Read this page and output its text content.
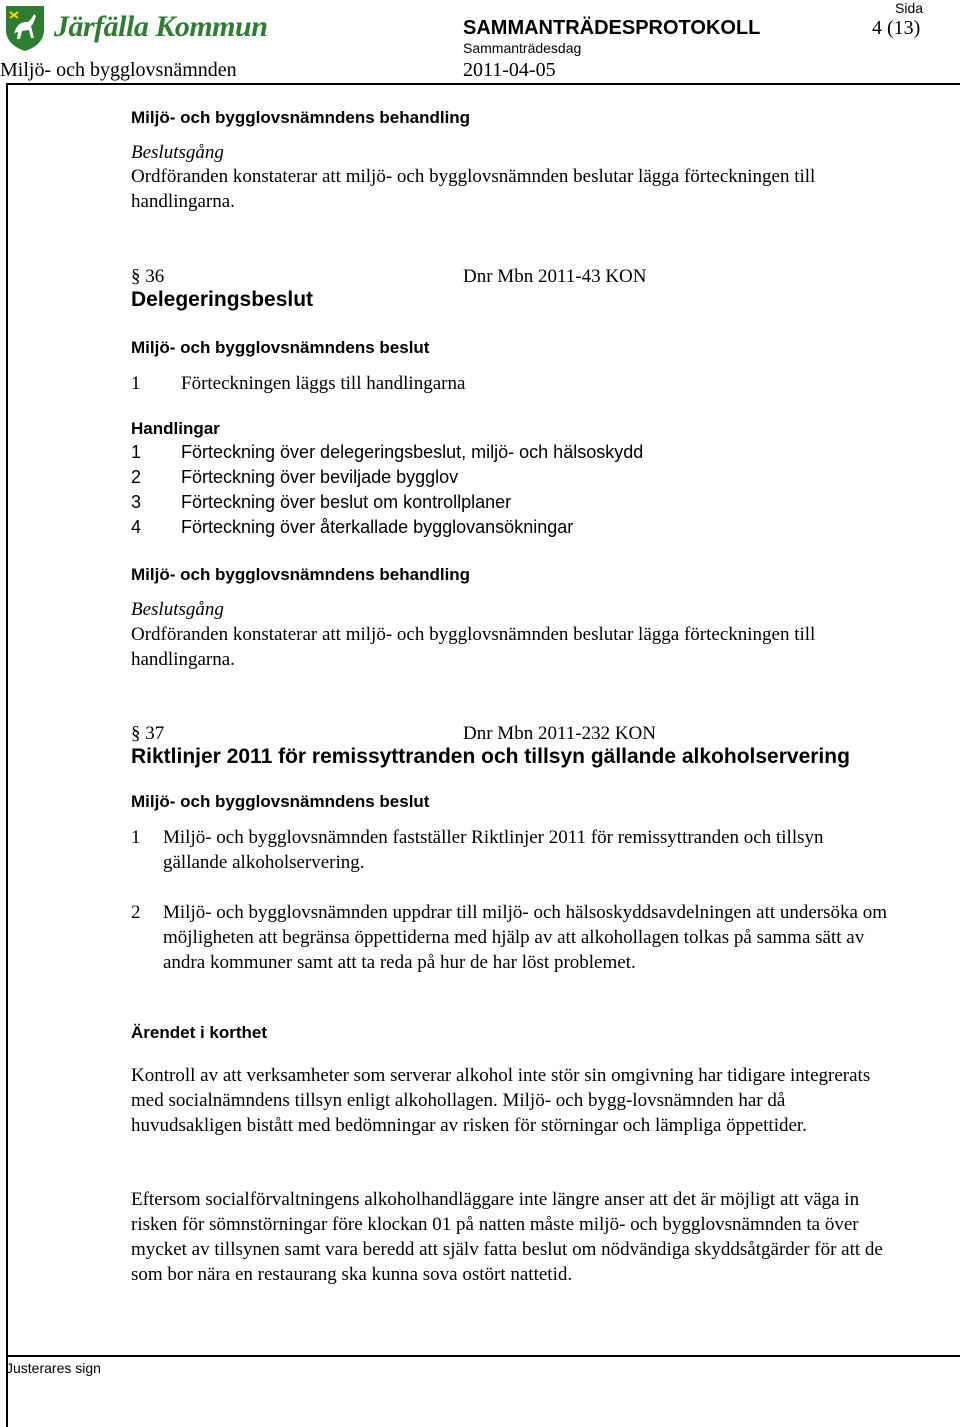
Järfälla Kommun
Sida
SAMMANTRÄDESPROTOKOLL	4 (13)
Sammanträdesdag
Miljö- och bygglovsnämnden	2011-04-05
Miljö- och bygglovsnämndens behandling
Beslutsgång
Ordföranden konstaterar att miljö- och bygglovsnämnden beslutar lägga förteckningen till handlingarna.
§ 36	Dnr Mbn 2011-43 KON
Delegeringsbeslut
Miljö- och bygglovsnämndens beslut
1 Förteckningen läggs till handlingarna
Handlingar
1 Förteckning över delegeringsbeslut, miljö- och hälsoskydd
2 Förteckning över beviljade bygglov
3 Förteckning över beslut om kontrollplaner
4 Förteckning över återkallade bygglovansökningar
Miljö- och bygglovsnämndens behandling
Beslutsgång
Ordföranden konstaterar att miljö- och bygglovsnämnden beslutar lägga förteckningen till handlingarna.
§ 37	Dnr Mbn 2011-232 KON
Riktlinjer 2011 för remissyttranden och tillsyn gällande alkoholservering
Miljö- och bygglovsnämndens beslut
1 Miljö- och bygglovsnämnden fastställer Riktlinjer 2011 för remissyttranden och tillsyn gällande alkoholservering.
2 Miljö- och bygglovsnämnden uppdrar till miljö- och hälsoskyddsavdelningen att undersöka om möjligheten att begränsa öppettiderna med hjälp av att alkohollagen tolkas på samma sätt av andra kommuner samt att ta reda på hur de har löst problemet.
Ärendet i korthet
Kontroll av att verksamheter som serverar alkohol inte stör sin omgivning har tidigare integrerats med socialnämndens tillsyn enligt alkohollagen. Miljö- och bygg-lovsnämnden har då huvudsakligen bistått med bedömningar av risken för störningar och lämpliga öppettider.
Eftersom socialförvaltningens alkoholhandläggare inte längre anser att det är möjligt att väga in risken för sömnstörningar före klockan 01 på natten måste miljö- och bygglovsnämnden ta över mycket av tillsynen samt vara beredd att själv fatta beslut om nödvändiga skyddsåtgärder för att de som bor nära en restaurang ska kunna sova ostört nattetid.
Justerares sign
